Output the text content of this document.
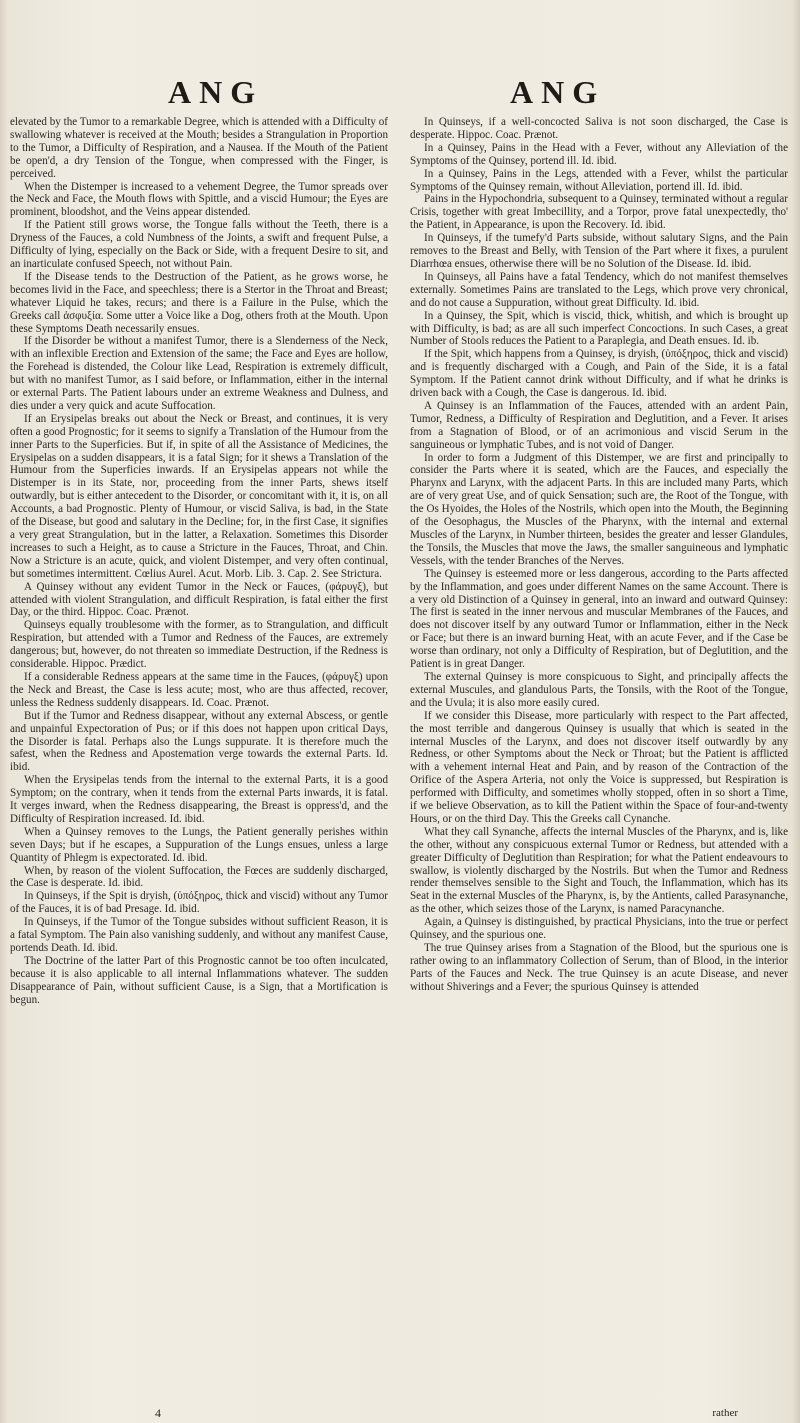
ANG	ANG

elevated by the Tumor to a remarkable Degree, which is attended with a Difficulty of swallowing whatever is received at the Mouth; besides a Strangulation in Proportion to the Tumor, a Difficulty of Respiration, and a Nausea. If the Mouth of the Patient be open'd, a dry Tension of the Tongue, when compressed with the Finger, is perceived.

When the Distemper is increased to a vehement Degree, the Tumor spreads over the Neck and Face, the Mouth flows with Spittle, and a viscid Humour; the Eyes are prominent, bloodshot, and the Veins appear distended.

If the Patient still grows worse, the Tongue falls without the Teeth, there is a Dryness of the Fauces, a cold Numbness of the Joints, a swift and frequent Pulse, a Difficulty of lying, especially on the Back or Side, with a frequent Desire to sit, and an inarticulate confused Speech, not without Pain.

If the Disease tends to the Destruction of the Patient, as he grows worse, he becomes livid in the Face, and speechless; there is a Stertor in the Throat and Breast; whatever Liquid he takes, recurs; and there is a Failure in the Pulse, which the Greeks call ἀσφυξία. Some utter a Voice like a Dog, others froth at the Mouth. Upon these Symptoms Death necessarily ensues.

If the Disorder be without a manifest Tumor, there is a Slenderness of the Neck, with an inflexible Erection and Extension of the same; the Face and Eyes are hollow, the Forehead is distended, the Colour like Lead, Respiration is extremely difficult, but with no manifest Tumor, as I said before, or Inflammation, either in the internal or external Parts. The Patient labours under an extreme Weakness and Dulness, and dies under a very quick and acute Suffocation.

If an Erysipelas breaks out about the Neck or Breast, and continues, it is very often a good Prognostic; for it seems to signify a Translation of the Humour from the inner Parts to the Superficies. But if, in spite of all the Assistance of Medicines, the Erysipelas on a sudden disappears, it is a fatal Sign; for it shews a Translation of the Humour from the Superficies inwards. If an Erysipelas appears not while the Distemper is in its State, nor, proceeding from the inner Parts, shews itself outwardly, but is either antecedent to the Disorder, or concomitant with it, it is, on all Accounts, a bad Prognostic. Plenty of Humour, or viscid Saliva, is bad, in the State of the Disease, but good and salutary in the Decline; for, in the first Case, it signifies a very great Strangulation, but in the latter, a Relaxation. Sometimes this Disorder increases to such a Height, as to cause a Stricture in the Fauces, Throat, and Chin. Now a Stricture is an acute, quick, and violent Distemper, and very often continual, but sometimes intermittent. Cœlius Aurel. Acut. Morb. Lib. 3. Cap. 2. See Strictura.

A Quinsey without any evident Tumor in the Neck or Fauces, (φάρυγξ), but attended with violent Strangulation, and difficult Respiration, is fatal either the first Day, or the third. Hippoc. Coac. Prænot.

Quinseys equally troublesome with the former, as to Strangulation, and difficult Respiration, but attended with a Tumor and Redness of the Fauces, are extremely dangerous; but, however, do not threaten so immediate Destruction, if the Redness is considerable. Hippoc. Prædict.

If a considerable Redness appears at the same time in the Fauces, (φάρυγξ) upon the Neck and Breast, the Case is less acute; most, who are thus affected, recover, unless the Redness suddenly disappears. Id. Coac. Prænot.

But if the Tumor and Redness disappear, without any external Abscess, or gentle and unpainful Expectoration of Pus; or if this does not happen upon critical Days, the Disorder is fatal. Perhaps also the Lungs suppurate. It is therefore much the safest, when the Redness and Apostemation verge towards the external Parts. Id. ibid.

When the Erysipelas tends from the internal to the external Parts, it is a good Symptom; on the contrary, when it tends from the external Parts inwards, it is fatal. It verges inward, when the Redness disappearing, the Breast is oppress'd, and the Difficulty of Respiration increased. Id. ibid.

When a Quinsey removes to the Lungs, the Patient generally perishes within seven Days; but if he escapes, a Suppuration of the Lungs ensues, unless a large Quantity of Phlegm is expectorated. Id. ibid.

When, by reason of the violent Suffocation, the Fœces are suddenly discharged, the Case is desperate. Id. ibid.

In Quinseys, if the Spit is dryish, (ὑπόξηρος, thick and viscid) without any Tumor of the Fauces, it is of bad Presage. Id. ibid.

In Quinseys, if the Tumor of the Tongue subsides without sufficient Reason, it is a fatal Symptom. The Pain also vanishing suddenly, and without any manifest Cause, portends Death. Id. ibid.

The Doctrine of the latter Part of this Prognostic cannot be too often inculcated, because it is also applicable to all internal Inflammations whatever. The sudden Disappearance of Pain, without sufficient Cause, is a Sign, that a Mortification is begun.

In Quinseys, if a well-concocted Saliva is not soon discharged, the Case is desperate. Hippoc. Coac. Prænot.

In a Quinsey, Pains in the Head with a Fever, without any Alleviation of the Symptoms of the Quinsey, portend ill. Id. ibid.

In a Quinsey, Pains in the Legs, attended with a Fever, whilst the particular Symptoms of the Quinsey remain, without Alleviation, portend ill. Id. ibid.

Pains in the Hypochondria, subsequent to a Quinsey, terminated without a regular Crisis, together with great Imbecillity, and a Torpor, prove fatal unexpectedly, tho' the Patient, in Appearance, is upon the Recovery. Id. ibid.

In Quinseys, if the tumefy'd Parts subside, without salutary Signs, and the Pain removes to the Breast and Belly, with Tension of the Part where it fixes, a purulent Diarrhœa ensues, otherwise there will be no Solution of the Disease. Id. ibid.

In Quinseys, all Pains have a fatal Tendency, which do not manifest themselves externally. Sometimes Pains are translated to the Legs, which prove very chronical, and do not cause a Suppuration, without great Difficulty. Id. ibid.

In a Quinsey, the Spit, which is viscid, thick, whitish, and which is brought up with Difficulty, is bad; as are all such imperfect Concoctions. In such Cases, a great Number of Stools reduces the Patient to a Paraplegia, and Death ensues. Id. ib.

If the Spit, which happens from a Quinsey, is dryish, (ὑπόξηρος, thick and viscid) and is frequently discharged with a Cough, and Pain of the Side, it is a fatal Symptom. If the Patient cannot drink without Difficulty, and if what he drinks is driven back with a Cough, the Case is dangerous. Id. ibid.

A Quinsey is an Inflammation of the Fauces, attended with an ardent Pain, Tumor, Redness, a Difficulty of Respiration and Deglutition, and a Fever. It arises from a Stagnation of Blood, or of an acrimonious and viscid Serum in the sanguineous or lymphatic Tubes, and is not void of Danger.

In order to form a Judgment of this Distemper, we are first and principally to consider the Parts where it is seated, which are the Fauces, and especially the Pharynx and Larynx, with the adjacent Parts. In this are included many Parts, which are of very great Use, and of quick Sensation; such are, the Root of the Tongue, with the Os Hyoides, the Holes of the Nostrils, which open into the Mouth, the Beginning of the Oesophagus, the Muscles of the Pharynx, with the internal and external Muscles of the Larynx, in Number thirteen, besides the greater and lesser Glandules, the Tonsils, the Muscles that move the Jaws, the smaller sanguineous and lymphatic Vessels, with the tender Branches of the Nerves.

The Quinsey is esteemed more or less dangerous, according to the Parts affected by the Inflammation, and goes under different Names on the same Account. There is a very old Distinction of a Quinsey in general, into an inward and outward Quinsey: The first is seated in the inner nervous and muscular Membranes of the Fauces, and does not discover itself by any outward Tumor or Inflammation, either in the Neck or Face; but there is an inward burning Heat, with an acute Fever, and if the Case be worse than ordinary, not only a Difficulty of Respiration, but of Deglutition, and the Patient is in great Danger.

The external Quinsey is more conspicuous to Sight, and principally affects the external Muscules, and glandulous Parts, the Tonsils, with the Root of the Tongue, and the Uvula; it is also more easily cured.

If we consider this Disease, more particularly with respect to the Part affected, the most terrible and dangerous Quinsey is usually that which is seated in the internal Muscles of the Larynx, and does not discover itself outwardly by any Redness, or other Symptoms about the Neck or Throat; but the Patient is afflicted with a vehement internal Heat and Pain, and by reason of the Contraction of the Orifice of the Aspera Arteria, not only the Voice is suppressed, but Respiration is performed with Difficulty, and sometimes wholly stopped, often in so short a Time, if we believe Observation, as to kill the Patient within the Space of four-and-twenty Hours, or on the third Day. This the Greeks call Cynanche.

What they call Synanche, affects the internal Muscles of the Pharynx, and is, like the other, without any conspicuous external Tumor or Redness, but attended with a greater Difficulty of Deglutition than Respiration; for what the Patient endeavours to swallow, is violently discharged by the Nostrils. But when the Tumor and Redness render themselves sensible to the Sight and Touch, the Inflammation, which has its Seat in the external Muscles of the Pharynx, is, by the Antients, called Parasynanche, as the other, which seizes those of the Larynx, is named Paracynanche.

Again, a Quinsey is distinguished, by practical Physicians, into the true or perfect Quinsey, and the spurious one.

The true Quinsey arises from a Stagnation of the Blood, but the spurious one is rather owing to an inflammatory Collection of Serum, than of Blood, in the interior Parts of the Fauces and Neck. The true Quinsey is an acute Disease, and never without Shiverings and a Fever; the spurious Quinsey is attended

4	rather
